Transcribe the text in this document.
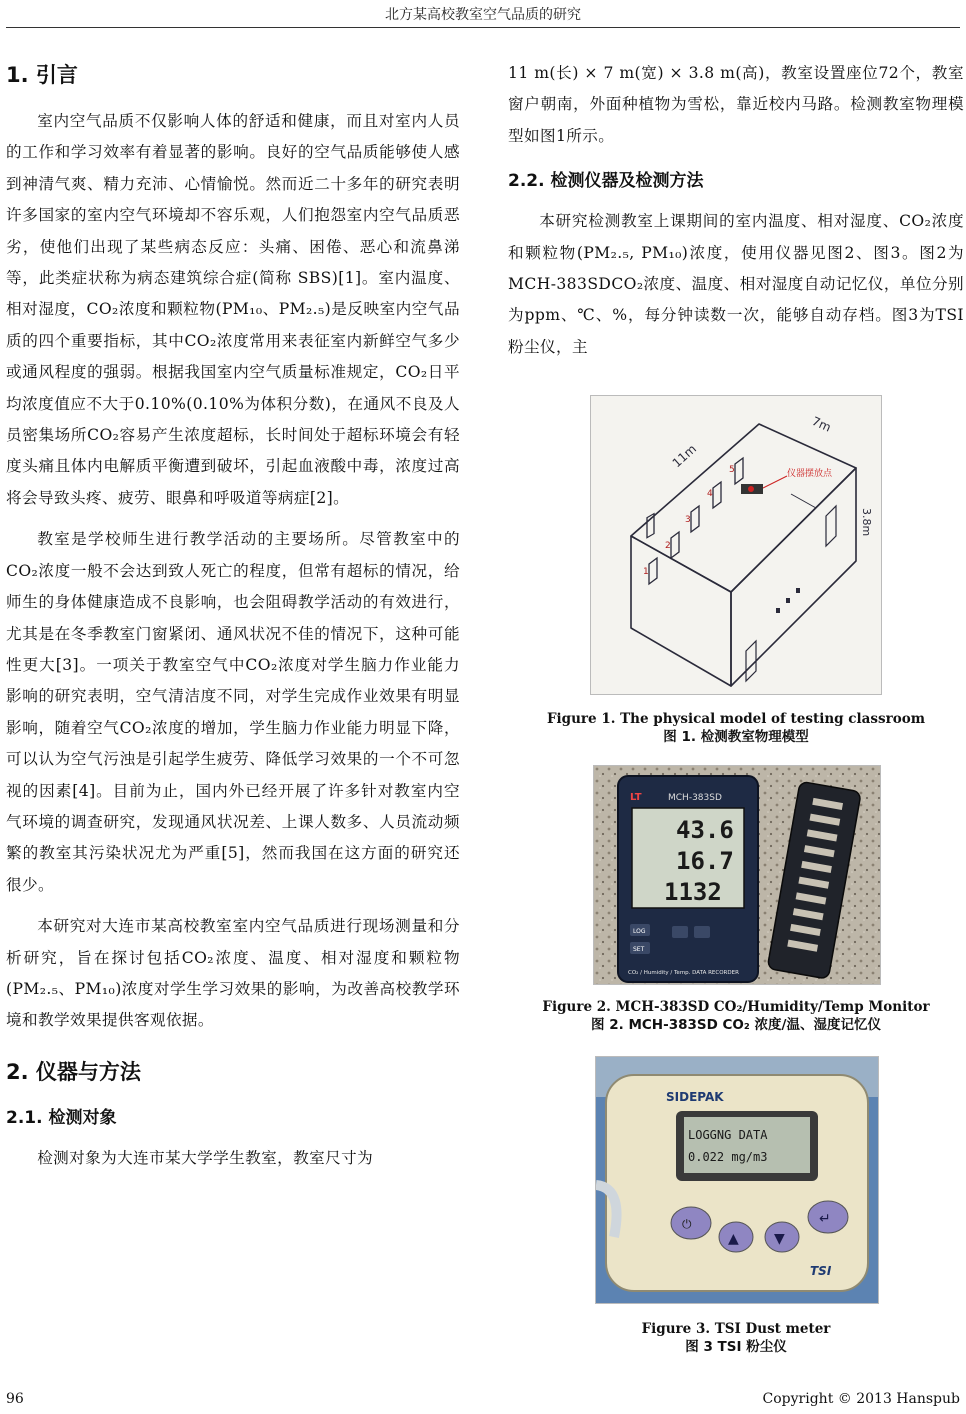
北方某高校教室空气品质的研究
1. 引言

室内空气品质不仅影响人体的舒适和健康，而且对室内人员的工作和学习效率有着显著的影响。良好的空气品质能够使人感到神清气爽、精力充沛、心情愉悦。然而近二十多年的研究表明许多国家的室内空气环境却不容乐观，人们抱怨室内空气品质恶劣，使他们出现了某些病态反应：头痛、困倦、恶心和流鼻涕等，此类症状称为病态建筑综合症(简称 SBS)[1]。室内温度、相对湿度，CO₂浓度和颗粒物(PM₁₀、PM₂.₅)是反映室内空气品质的四个重要指标，其中CO₂浓度常用来表征室内新鲜空气多少或通风程度的强弱。根据我国室内空气质量标准规定，CO₂日平均浓度值应不大于0.10%(0.10%为体积分数)，在通风不良及人员密集场所CO₂容易产生浓度超标，长时间处于超标环境会有轻度头痛且体内电解质平衡遭到破坏，引起血液酸中毒，浓度过高将会导致头疼、疲劳、眼鼻和呼吸道等病症[2]。

教室是学校师生进行教学活动的主要场所。尽管教室中的CO₂浓度一般不会达到致人死亡的程度，但常有超标的情况，给师生的身体健康造成不良影响，也会阻碍教学活动的有效进行，尤其是在冬季教室门窗紧闭、通风状况不佳的情况下，这种可能性更大[3]。一项关于教室空气中CO₂浓度对学生脑力作业能力影响的研究表明，空气清洁度不同，对学生完成作业效果有明显影响，随着空气CO₂浓度的增加，学生脑力作业能力明显下降，可以认为空气污浊是引起学生疲劳、降低学习效果的一个不可忽视的因素[4]。目前为止，国内外已经开展了许多针对教室内空气环境的调查研究，发现通风状况差、上课人数多、人员流动频繁的教室其污染状况尤为严重[5]，然而我国在这方面的研究还很少。

本研究对大连市某高校教室室内空气品质进行现场测量和分析研究，旨在探讨包括CO₂浓度、温度、相对湿度和颗粒物(PM₂.₅、PM₁₀)浓度对学生学习效果的影响，为改善高校教学环境和教学效果提供客观依据。

2. 仪器与方法
2.1. 检测对象

检测对象为大连市某大学学生教室，教室尺寸为

11 m(长) × 7 m(宽) × 3.8 m(高)，教室设置座位72个，教室窗户朝南，外面种植物为雪松，靠近校内马路。检测教室物理模型如图1所示。

2.2. 检测仪器及检测方法

本研究检测教室上课期间的室内温度、相对湿度、CO₂浓度和颗粒物(PM₂.₅, PM₁₀)浓度，使用仪器见图2、图3。图2为MCH-383SDCO₂浓度、温度、相对湿度自动记忆仪，单位分别为ppm、℃、%，每分钟读数一次，能够自动存档。图3为TSI粉尘仪，主

1
2
3
4
5	仪器摆放点
11m
7m
3.8m
Figure 1. The physical model of testing classroom
图 1. 检测教室物理模型
LT	MCH-383SD
43.6
16.7
1132
LOG
SET
CO₂ / Humidity / Temp. DATA RECORDER
Figure 2. MCH-383SD CO₂/Humidity/Temp Monitor
图 2. MCH-383SD CO₂ 浓度/温、湿度记忆仪
SIDEPAK
LOGGNG DATA
0.022 mg/m3
⏻
▲	▼
↵
TSI
Figure 3. TSI Dust meter
图 3 TSI 粉尘仪
96	Copyright © 2013 Hanspub
